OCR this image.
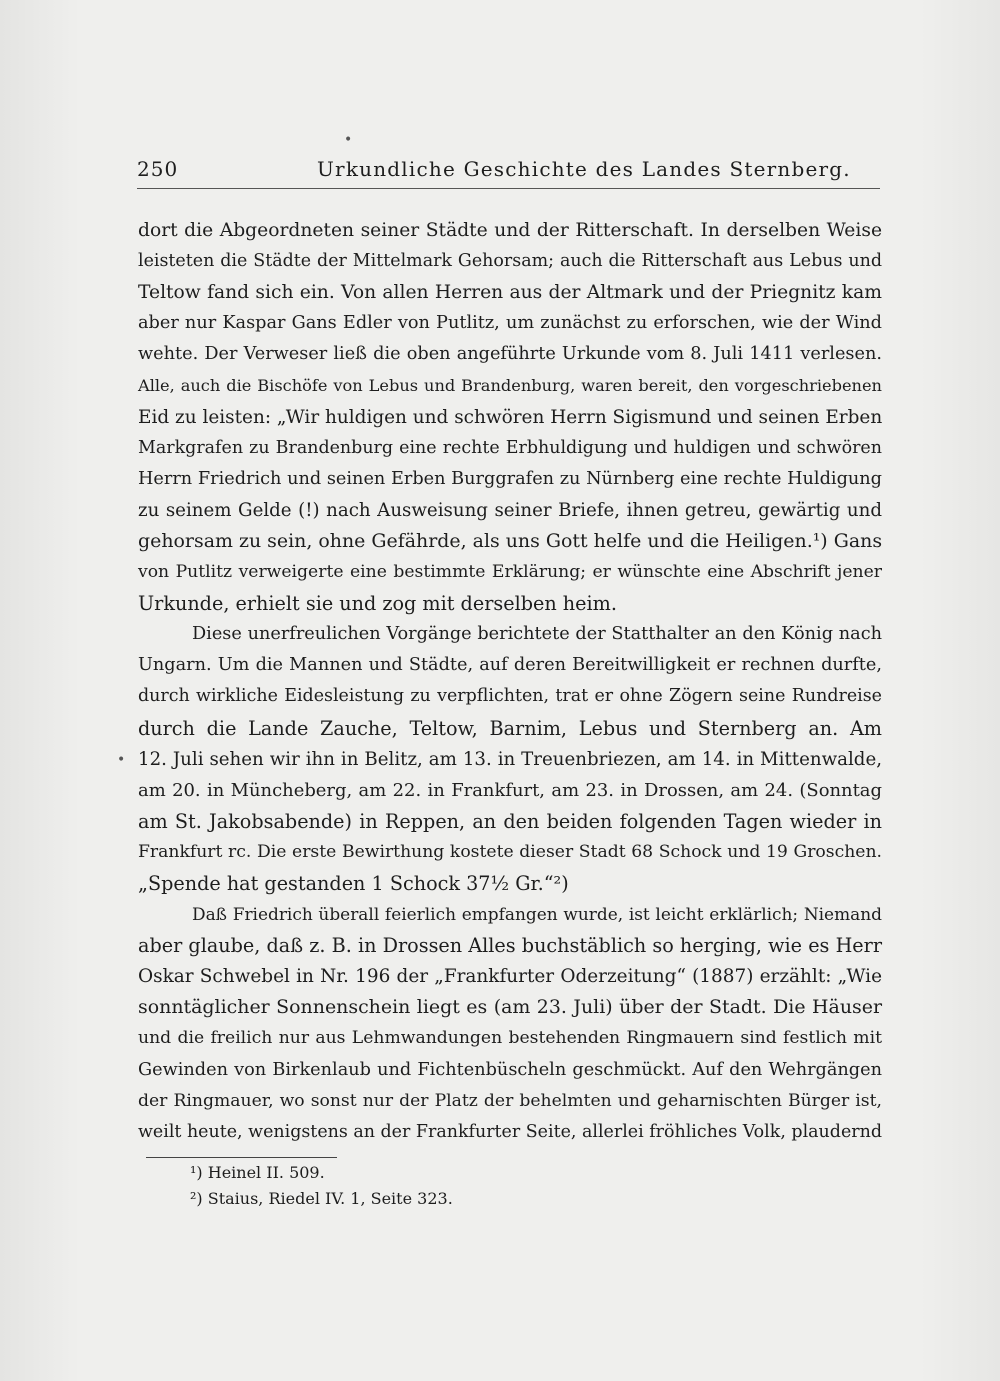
250	Urkundliche Geschichte des Landes Sternberg.
dort die Abgeordneten seiner Städte und der Ritterschaft. In derselben Weise
leisteten die Städte der Mittelmark Gehorsam; auch die Ritterschaft aus Lebus und
Teltow fand sich ein. Von allen Herren aus der Altmark und der Priegnitz kam
aber nur Kaspar Gans Edler von Putlitz, um zunächst zu erforschen, wie der Wind
wehte. Der Verweser ließ die oben angeführte Urkunde vom 8. Juli 1411 verlesen.
Alle, auch die Bischöfe von Lebus und Brandenburg, waren bereit, den vorgeschriebenen
Eid zu leisten: „Wir huldigen und schwören Herrn Sigismund und seinen Erben
Markgrafen zu Brandenburg eine rechte Erbhuldigung und huldigen und schwören
Herrn Friedrich und seinen Erben Burggrafen zu Nürnberg eine rechte Huldigung
zu seinem Gelde (!) nach Ausweisung seiner Briefe, ihnen getreu, gewärtig und
gehorsam zu sein, ohne Gefährde, als uns Gott helfe und die Heiligen.¹) Gans
von Putlitz verweigerte eine bestimmte Erklärung; er wünschte eine Abschrift jener
Urkunde, erhielt sie und zog mit derselben heim.
Diese unerfreulichen Vorgänge berichtete der Statthalter an den König nach
Ungarn. Um die Mannen und Städte, auf deren Bereitwilligkeit er rechnen durfte,
durch wirkliche Eidesleistung zu verpflichten, trat er ohne Zögern seine Rundreise
durch die Lande Zauche, Teltow, Barnim, Lebus und Sternberg an. Am
12. Juli sehen wir ihn in Belitz, am 13. in Treuenbriezen, am 14. in Mittenwalde,
am 20. in Müncheberg, am 22. in Frankfurt, am 23. in Drossen, am 24. (Sonntag
am St. Jakobsabende) in Reppen, an den beiden folgenden Tagen wieder in
Frankfurt rc. Die erste Bewirthung kostete dieser Stadt 68 Schock und 19 Groschen.
„Spende hat gestanden 1 Schock 37½ Gr.“²)
Daß Friedrich überall feierlich empfangen wurde, ist leicht erklärlich; Niemand
aber glaube, daß z. B. in Drossen Alles buchstäblich so herging, wie es Herr
Oskar Schwebel in Nr. 196 der „Frankfurter Oderzeitung“ (1887) erzählt: „Wie
sonntäglicher Sonnenschein liegt es (am 23. Juli) über der Stadt. Die Häuser
und die freilich nur aus Lehmwandungen bestehenden Ringmauern sind festlich mit
Gewinden von Birkenlaub und Fichtenbüscheln geschmückt. Auf den Wehrgängen
der Ringmauer, wo sonst nur der Platz der behelmten und geharnischten Bürger ist,
weilt heute, wenigstens an der Frankfurter Seite, allerlei fröhliches Volk, plaudernd
¹) Heinel II. 509.
²) Staius, Riedel IV. 1, Seite 323.
•
•
